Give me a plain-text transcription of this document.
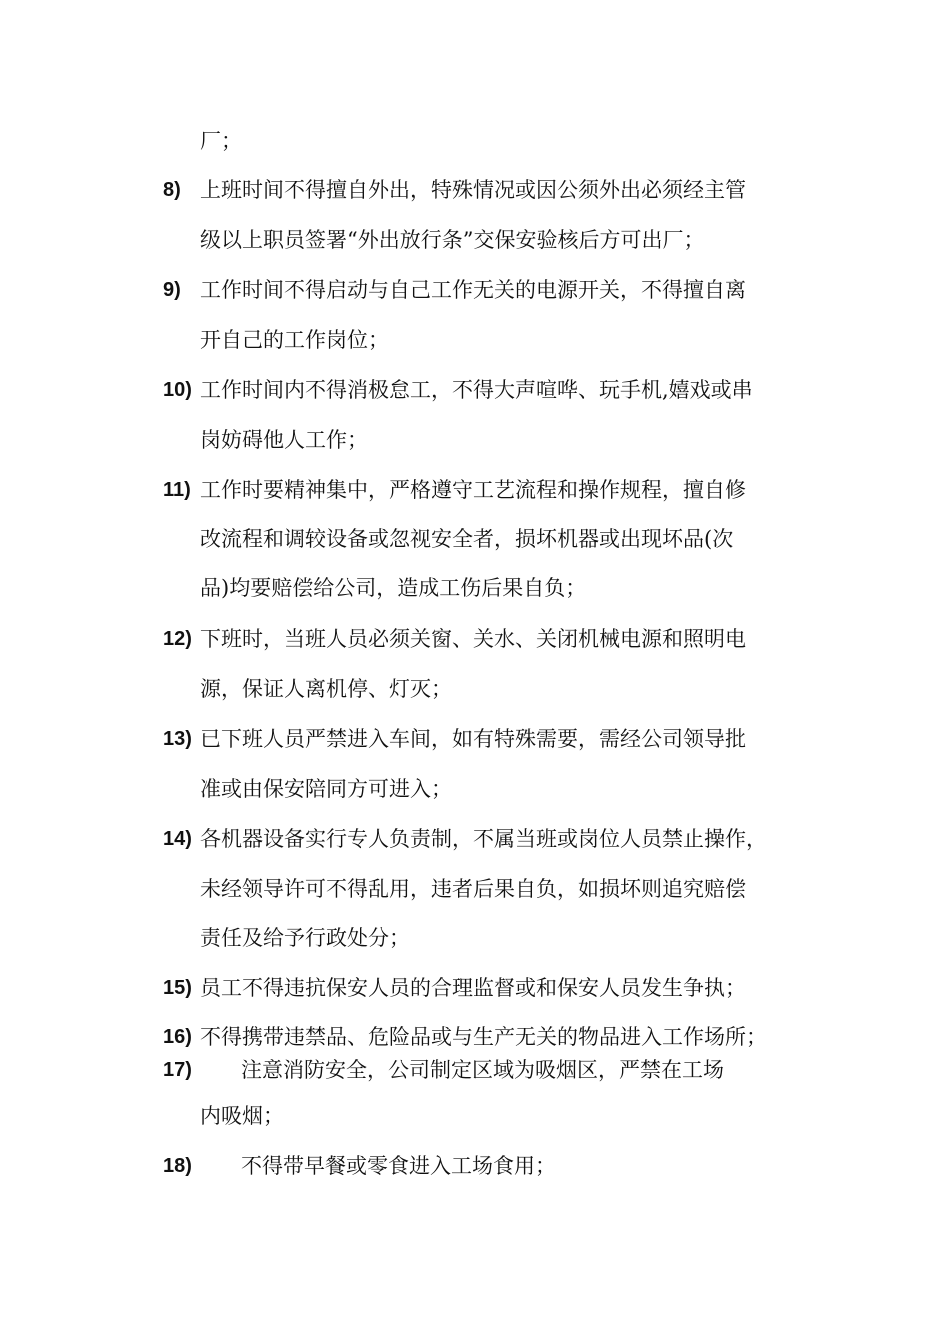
厂；
8) 上班时间不得擅自外出，特殊情况或因公须外出必须经主管
级以上职员签署“外出放行条”交保安验核后方可出厂；
9) 工作时间不得启动与自己工作无关的电源开关，不得擅自离
开自己的工作岗位；
10) 工作时间内不得消极怠工，不得大声喧哗、玩手机,嬉戏或串
岗妨碍他人工作；
11) 工作时要精神集中，严格遵守工艺流程和操作规程，擅自修
改流程和调较设备或忽视安全者，损坏机器或出现坏品(次
品)均要赔偿给公司，造成工伤后果自负；
12) 下班时，当班人员必须关窗、关水、关闭机械电源和照明电
源，保证人离机停、灯灭；
13) 已下班人员严禁进入车间，如有特殊需要，需经公司领导批
准或由保安陪同方可进入；
14) 各机器设备实行专人负责制，不属当班或岗位人员禁止操作，
未经领导许可不得乱用，违者后果自负，如损坏则追究赔偿
责任及给予行政处分；
15) 员工不得违抗保安人员的合理监督或和保安人员发生争执；
16) 不得携带违禁品、危险品或与生产无关的物品进入工作场所；
17) 注意消防安全，公司制定区域为吸烟区，严禁在工场
内吸烟；
18) 不得带早餐或零食进入工场食用；
